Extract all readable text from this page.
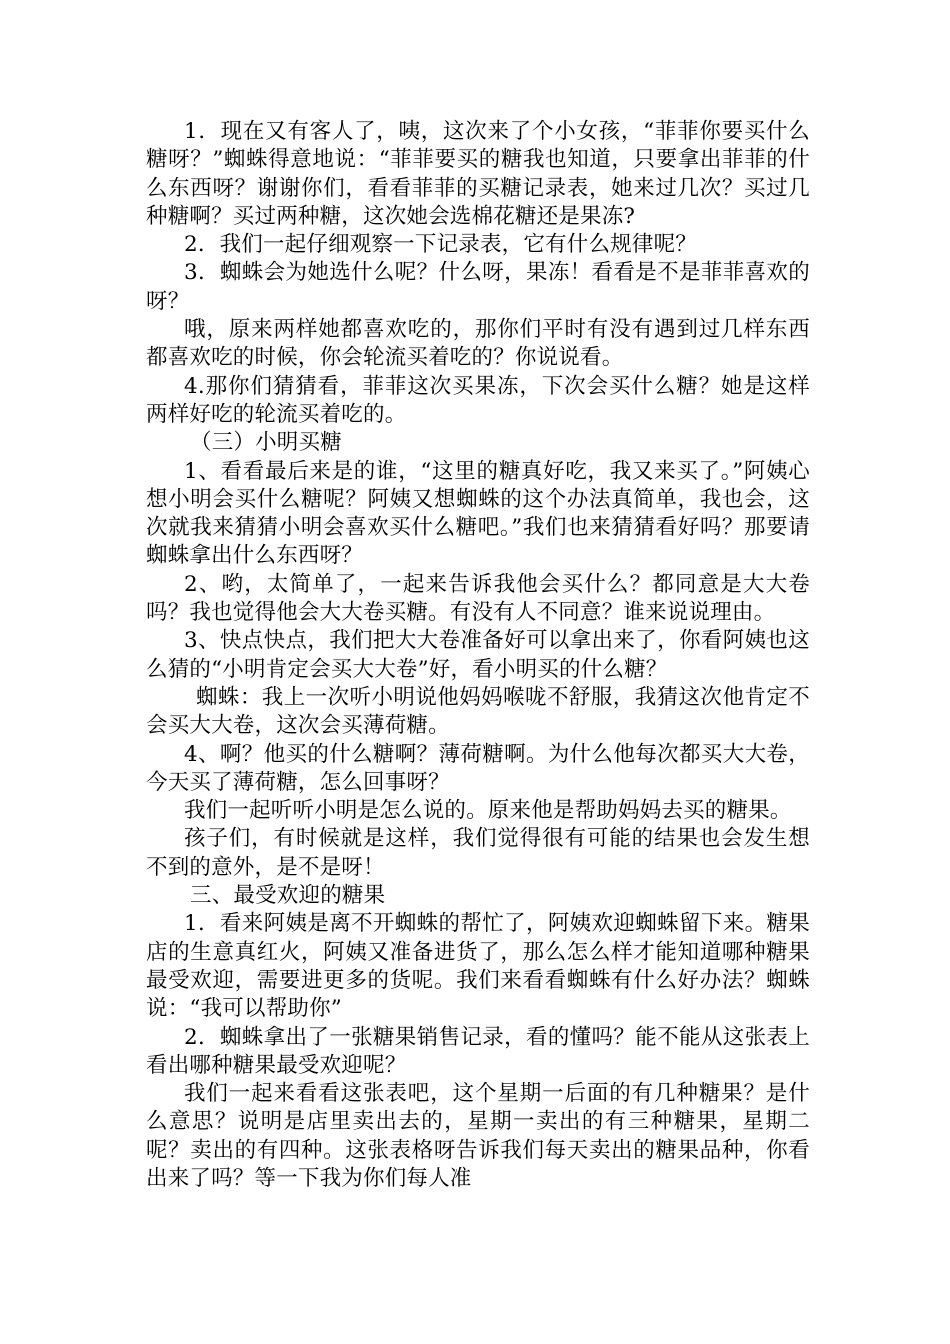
1．现在又有客人了，咦，这次来了个小女孩，“菲菲你要买什么糖呀？”蜘蛛得意地说：“菲菲要买的糖我也知道，只要拿出菲菲的什么东西呀？谢谢你们，看看菲菲的买糖记录表，她来过几次？买过几种糖啊？买过两种糖，这次她会选棉花糖还是果冻?

2．我们一起仔细观察一下记录表，它有什么规律呢？

3．蜘蛛会为她选什么呢？什么呀，果冻！看看是不是菲菲喜欢的呀？

哦，原来两样她都喜欢吃的，那你们平时有没有遇到过几样东西都喜欢吃的时候，你会轮流买着吃的？你说说看。

4.那你们猜猜看，菲菲这次买果冻，下次会买什么糖？她是这样两样好吃的轮流买着吃的。

（三）小明买糖

1、看看最后来是的谁，“这里的糖真好吃，我又来买了。”阿姨心想小明会买什么糖呢？阿姨又想蜘蛛的这个办法真简单，我也会，这次就我来猜猜小明会喜欢买什么糖吧。”我们也来猜猜看好吗？那要请蜘蛛拿出什么东西呀？

2、哟，太简单了，一起来告诉我他会买什么？都同意是大大卷吗？我也觉得他会大大卷买糖。有没有人不同意？谁来说说理由。

3、快点快点，我们把大大卷准备好可以拿出来了，你看阿姨也这么猜的“小明肯定会买大大卷”好，看小明买的什么糖？

蜘蛛：我上一次听小明说他妈妈喉咙不舒服，我猜这次他肯定不会买大大卷，这次会买薄荷糖。

4、啊？他买的什么糖啊？薄荷糖啊。为什么他每次都买大大卷，今天买了薄荷糖，怎么回事呀？

我们一起听听小明是怎么说的。原来他是帮助妈妈去买的糖果。

孩子们，有时候就是这样，我们觉得很有可能的结果也会发生想不到的意外，是不是呀！

三、最受欢迎的糖果

1．看来阿姨是离不开蜘蛛的帮忙了，阿姨欢迎蜘蛛留下来。糖果店的生意真红火，阿姨又准备进货了，那么怎么样才能知道哪种糖果最受欢迎，需要进更多的货呢。我们来看看蜘蛛有什么好办法？蜘蛛说：“我可以帮助你”

2．蜘蛛拿出了一张糖果销售记录，看的懂吗？能不能从这张表上看出哪种糖果最受欢迎呢？

我们一起来看看这张表吧，这个星期一后面的有几种糖果？是什么意思？说明是店里卖出去的，星期一卖出的有三种糖果，星期二呢？卖出的有四种。这张表格呀告诉我们每天卖出的糖果品种，你看出来了吗？等一下我为你们每人准
